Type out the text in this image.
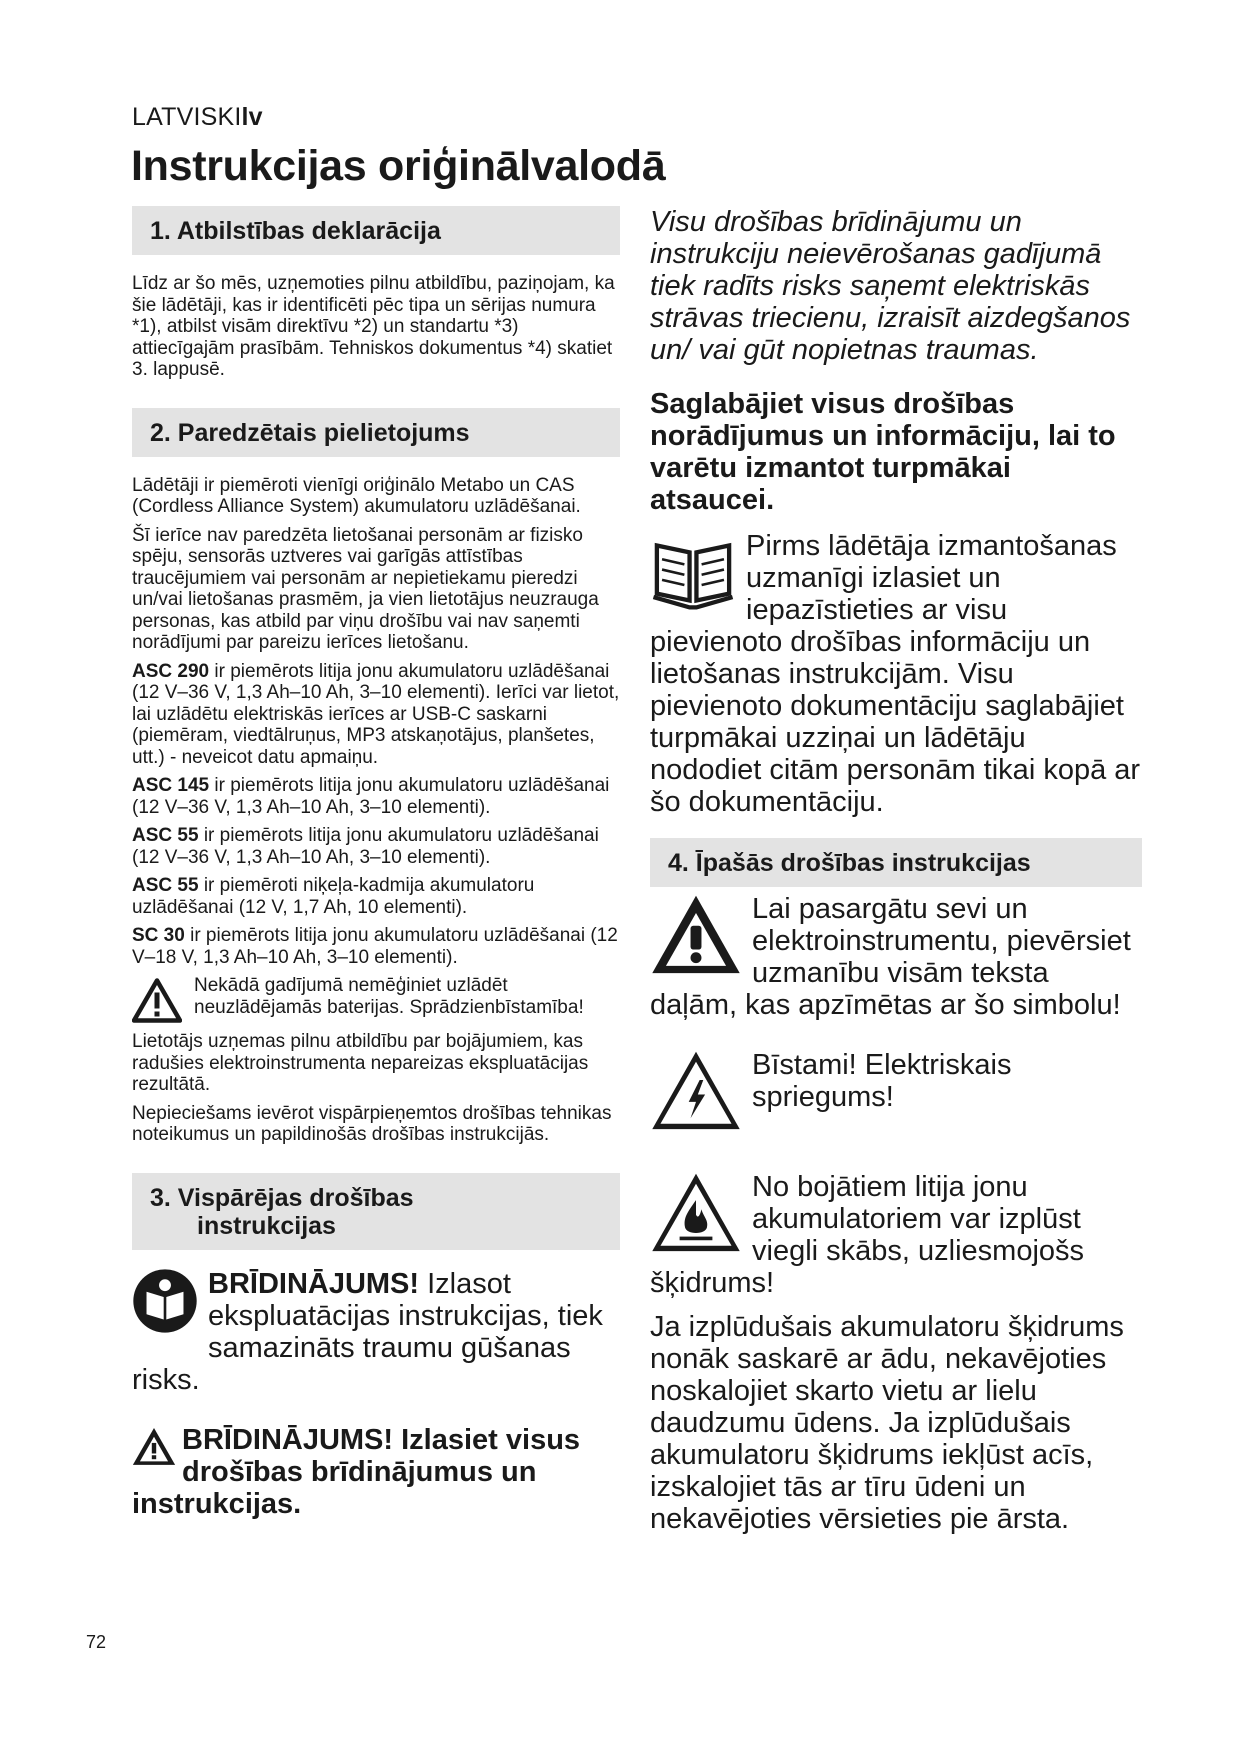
LATVISKIlv
Instrukcijas oriģinālvalodā
1. Atbilstības deklarācija

Līdz ar šo mēs, uzņemoties pilnu atbildību, paziņojam, ka šie lādētāji, kas ir identificēti pēc tipa un sērijas numura *1), atbilst visām direktīvu *2) un standartu *3) attiecīgajām prasībām. Tehniskos dokumentus *4) skatiet 3. lappusē.

2. Paredzētais pielietojums

Lādētāji ir piemēroti vienīgi oriģinālo Metabo un CAS (Cordless Alliance System) akumulatoru uzlādēšanai.

Šī ierīce nav paredzēta lietošanai personām ar fizisko spēju, sensorās uztveres vai garīgās attīstības traucējumiem vai personām ar nepietiekamu pieredzi un/vai lietošanas prasmēm, ja vien lietotājus neuzrauga personas, kas atbild par viņu drošību vai nav saņemti norādījumi par pareizu ierīces lietošanu.

ASC 290 ir piemērots litija jonu akumulatoru uzlādēšanai (12 V–36 V, 1,3 Ah–10 Ah, 3–10 elementi). Ierīci var lietot, lai uzlādētu elektriskās ierīces ar USB-C saskarni (piemēram, viedtālruņus, MP3 atskaņotājus, planšetes, utt.) - neveicot datu apmaiņu.

ASC 145 ir piemērots litija jonu akumulatoru uzlādēšanai (12 V–36 V, 1,3 Ah–10 Ah, 3–10 elementi).

ASC 55 ir piemērots litija jonu akumulatoru uzlādēšanai (12 V–36 V, 1,3 Ah–10 Ah, 3–10 elementi).

ASC 55 ir piemēroti niķeļa-kadmija akumulatoru uzlādēšanai (12 V, 1,7 Ah, 10 elementi).

SC 30 ir piemērots litija jonu akumulatoru uzlādēšanai (12 V–18 V, 1,3 Ah–10 Ah, 3–10 elementi).

Nekādā gadījumā nemēģiniet uzlādēt neuzlādējamās baterijas. Sprādzienbīstamība!

Lietotājs uzņemas pilnu atbildību par bojājumiem, kas radušies elektroinstrumenta nepareizas ekspluatācijas rezultātā.

Nepieciešams ievērot vispārpieņemtos drošības tehnikas noteikumus un papildinošās drošības instrukcijās.

3. Vispārējas drošības
instrukcijas

BRĪDINĀJUMS! Izlasot ekspluatācijas instrukcijas, tiek samazināts traumu gūšanas risks.

BRĪDINĀJUMS! Izlasiet visus drošības brīdinājumus un instrukcijas.

Visu drošības brīdinājumu un instrukciju neievērošanas gadījumā tiek radīts risks saņemt elektriskās strāvas triecienu, izraisīt aizdegšanos un/ vai gūt nopietnas traumas.

Saglabājiet visus drošības norādījumus un informāciju, lai to varētu izmantot turpmākai atsaucei.

Pirms lādētāja izmantošanas uzmanīgi izlasiet un iepazīstieties ar visu pievienoto drošības informāciju un lietošanas instrukcijām. Visu pievienoto dokumentāciju saglabājiet turpmākai uzziņai un lādētāju nododiet citām personām tikai kopā ar šo dokumentāciju.

4. Īpašās drošības instrukcijas

Lai pasargātu sevi un elektroinstrumentu, pievērsiet uzmanību visām teksta daļām, kas apzīmētas ar šo simbolu!

Bīstami! Elektriskais spriegums!

No bojātiem litija jonu akumulatoriem var izplūst viegli skābs, uzliesmojošs šķidrums!

Ja izplūdušais akumulatoru šķidrums nonāk saskarē ar ādu, nekavējoties noskalojiet skarto vietu ar lielu daudzumu ūdens. Ja izplūdušais akumulatoru šķidrums iekļūst acīs, izskalojiet tās ar tīru ūdeni un nekavējoties vērsieties pie ārsta.

72
